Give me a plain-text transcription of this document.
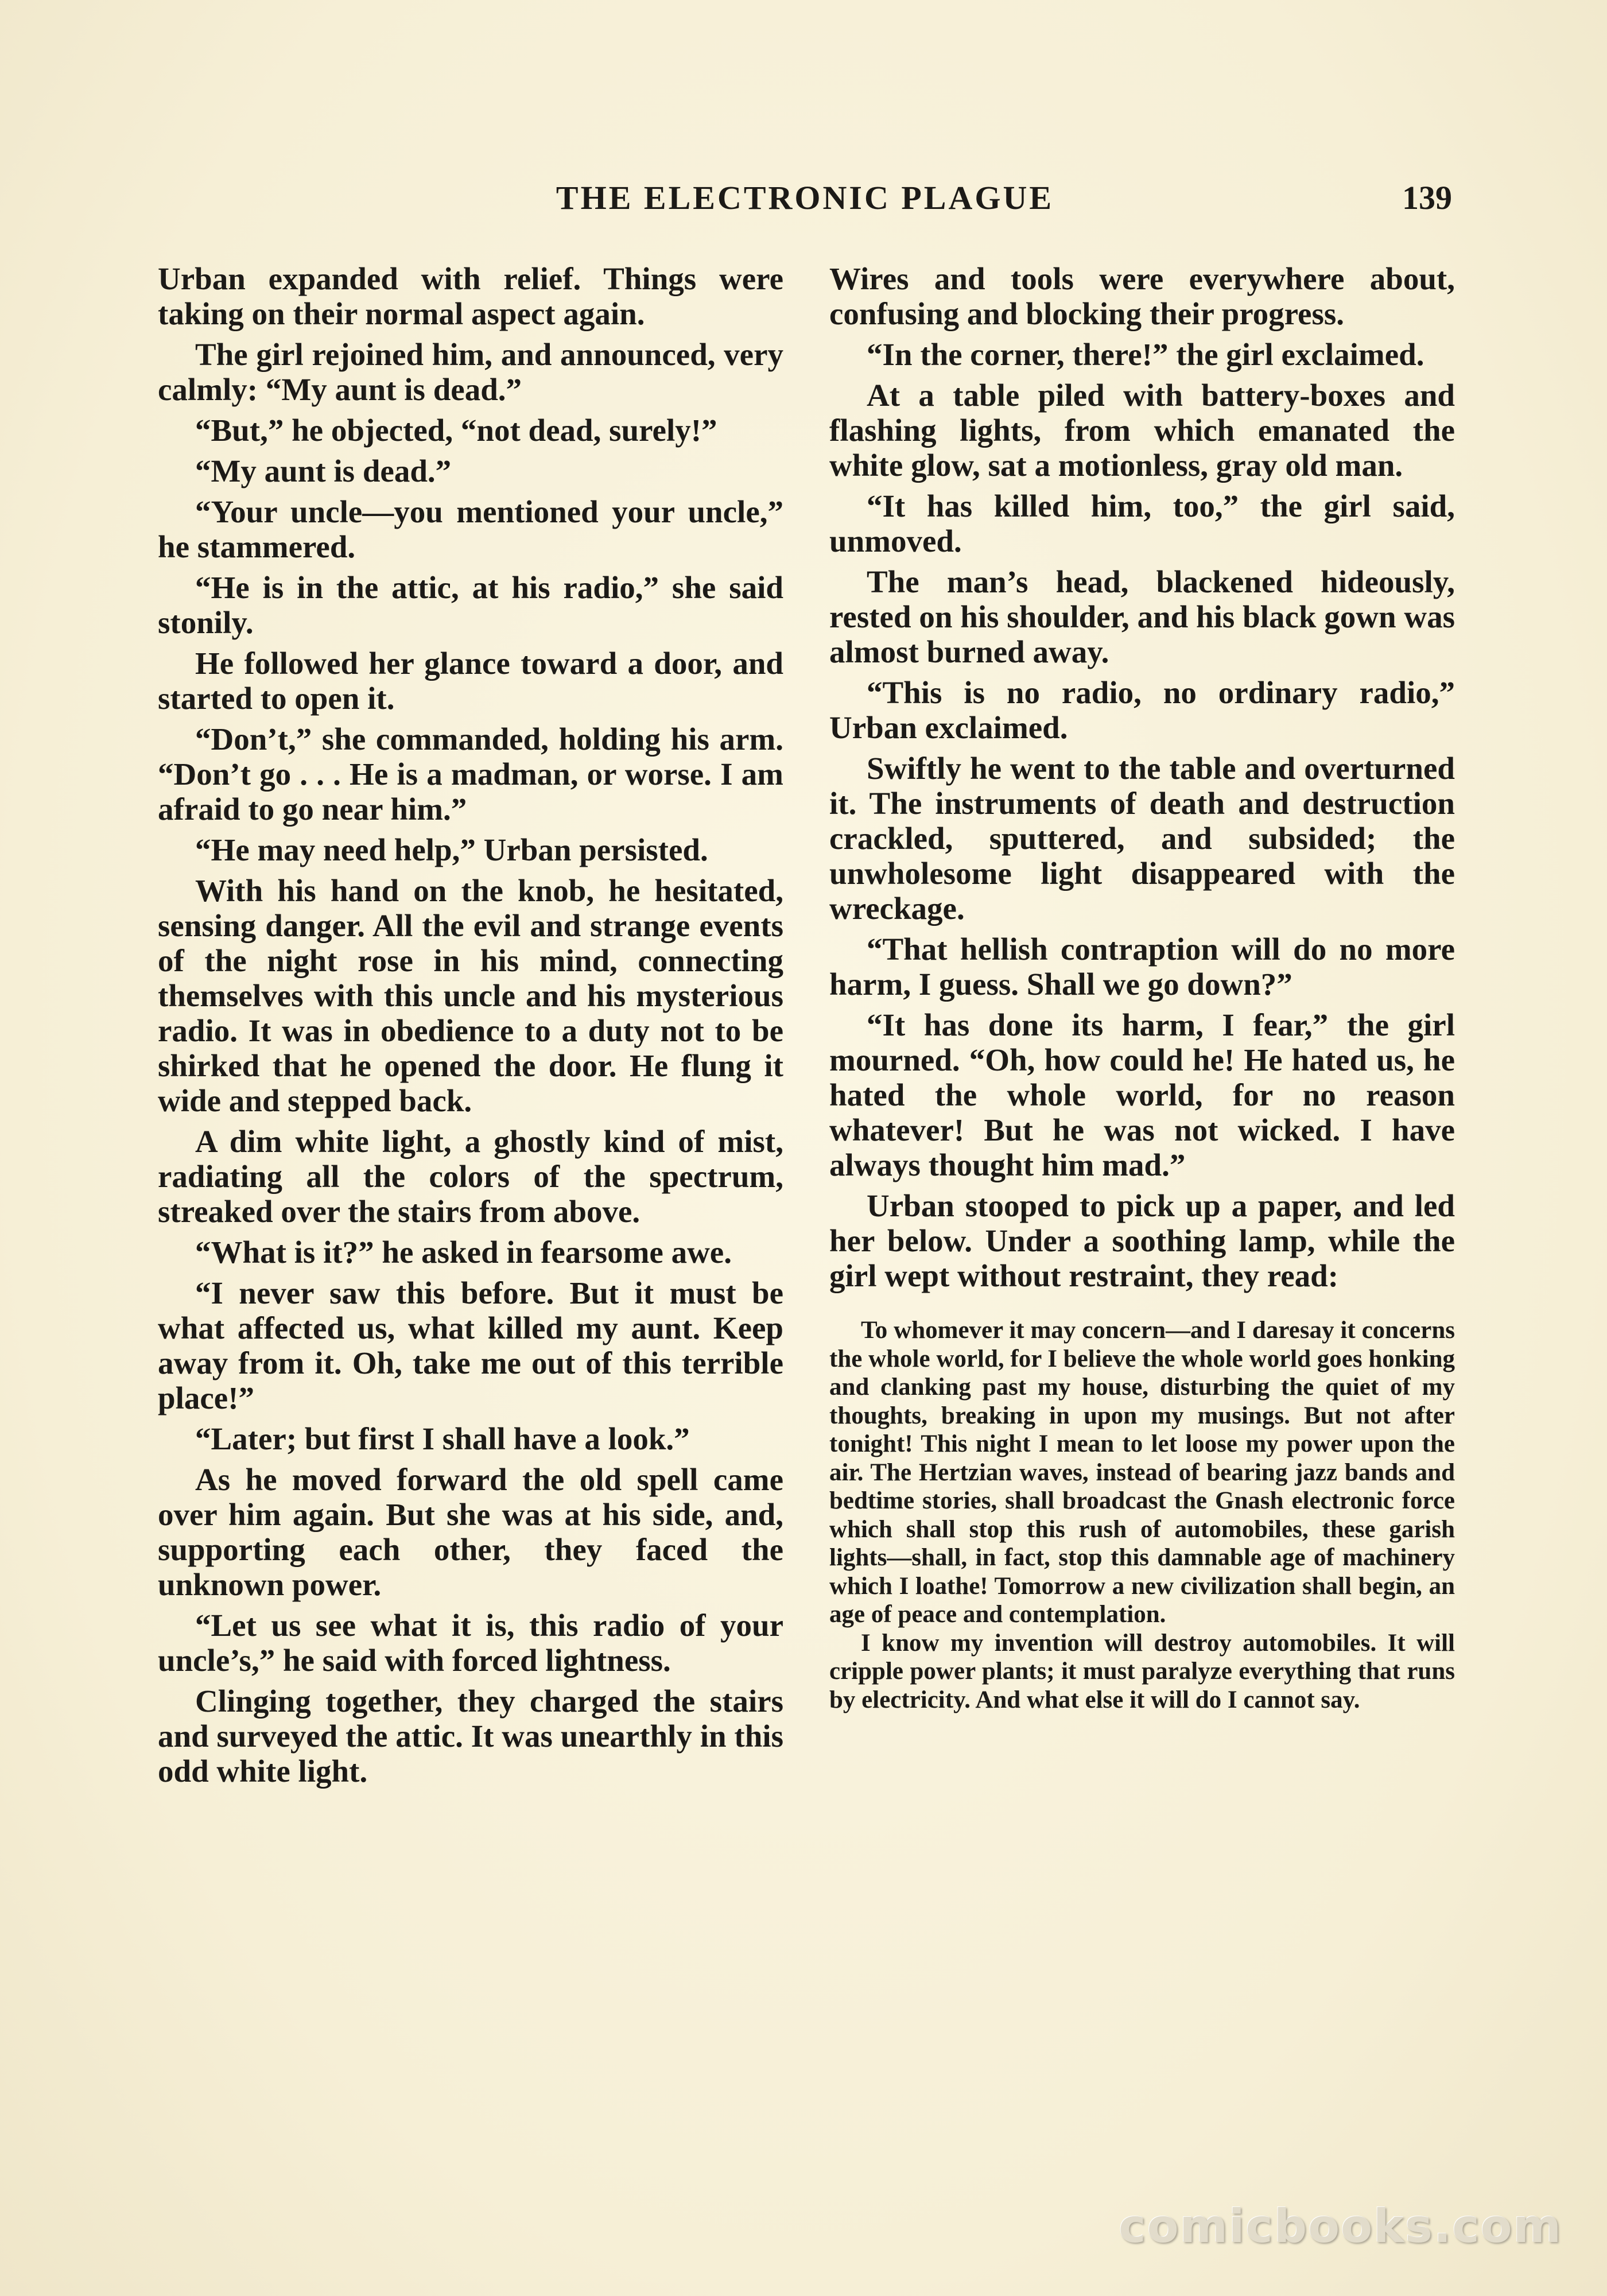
THE ELECTRONIC PLAGUE	139

Urban expanded with relief. Things were taking on their normal aspect again.

The girl rejoined him, and announced, very calmly: “My aunt is dead.”

“But,” he objected, “not dead, surely!”

“My aunt is dead.”

“Your uncle—you mentioned your uncle,” he stammered.

“He is in the attic, at his radio,” she said stonily.

He followed her glance toward a door, and started to open it.

“Don’t,” she commanded, holding his arm. “Don’t go . . . He is a madman, or worse. I am afraid to go near him.”

“He may need help,” Urban persisted.

With his hand on the knob, he hesitated, sensing danger. All the evil and strange events of the night rose in his mind, connecting themselves with this uncle and his mysterious radio. It was in obedience to a duty not to be shirked that he opened the door. He flung it wide and stepped back.

A dim white light, a ghostly kind of mist, radiating all the colors of the spectrum, streaked over the stairs from above.

“What is it?” he asked in fearsome awe.

“I never saw this before. But it must be what affected us, what killed my aunt. Keep away from it. Oh, take me out of this terrible place!”

“Later; but first I shall have a look.”

As he moved forward the old spell came over him again. But she was at his side, and, supporting each other, they faced the unknown power.

“Let us see what it is, this radio of your uncle’s,” he said with forced lightness.

Clinging together, they charged the stairs and surveyed the attic. It was unearthly in this odd white light.

Wires and tools were everywhere about, confusing and blocking their progress.

“In the corner, there!” the girl exclaimed.

At a table piled with battery-boxes and flashing lights, from which emanated the white glow, sat a motionless, gray old man.

“It has killed him, too,” the girl said, unmoved.

The man’s head, blackened hideously, rested on his shoulder, and his black gown was almost burned away.

“This is no radio, no ordinary radio,” Urban exclaimed.

Swiftly he went to the table and overturned it. The instruments of death and destruction crackled, sputtered, and subsided; the unwholesome light disappeared with the wreckage.

“That hellish contraption will do no more harm, I guess. Shall we go down?”

“It has done its harm, I fear,” the girl mourned. “Oh, how could he! He hated us, he hated the whole world, for no reason whatever! But he was not wicked. I have always thought him mad.”

Urban stooped to pick up a paper, and led her below. Under a soothing lamp, while the girl wept without restraint, they read:

To whomever it may concern—and I daresay it concerns the whole world, for I believe the whole world goes honking and clanking past my house, disturbing the quiet of my thoughts, breaking in upon my musings. But not after tonight! This night I mean to let loose my power upon the air. The Hertzian waves, instead of bearing jazz bands and bedtime stories, shall broadcast the Gnash electronic force which shall stop this rush of automobiles, these garish lights—shall, in fact, stop this damnable age of machinery which I loathe! Tomorrow a new civilization shall begin, an age of peace and contemplation.

I know my invention will destroy automobiles. It will cripple power plants; it must paralyze everything that runs by electricity. And what else it will do I cannot say.

comicbooks.com
